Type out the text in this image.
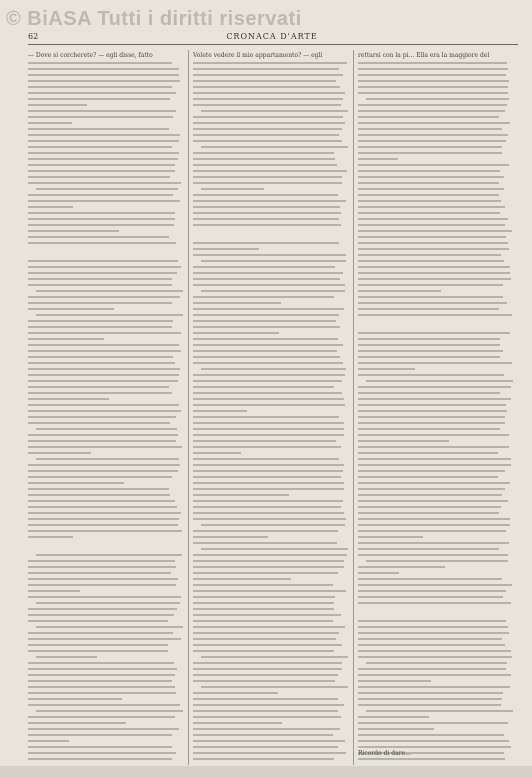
© BiASA Tutti i diritti riservati
62	CRONACA D'ARTE
— Dove si corcherete? — egli disse, fatto	Volete vedere il mio appartamento? — egli	rettarsi con la pi... Ella era la maggiore del
Ricordo di dare...
